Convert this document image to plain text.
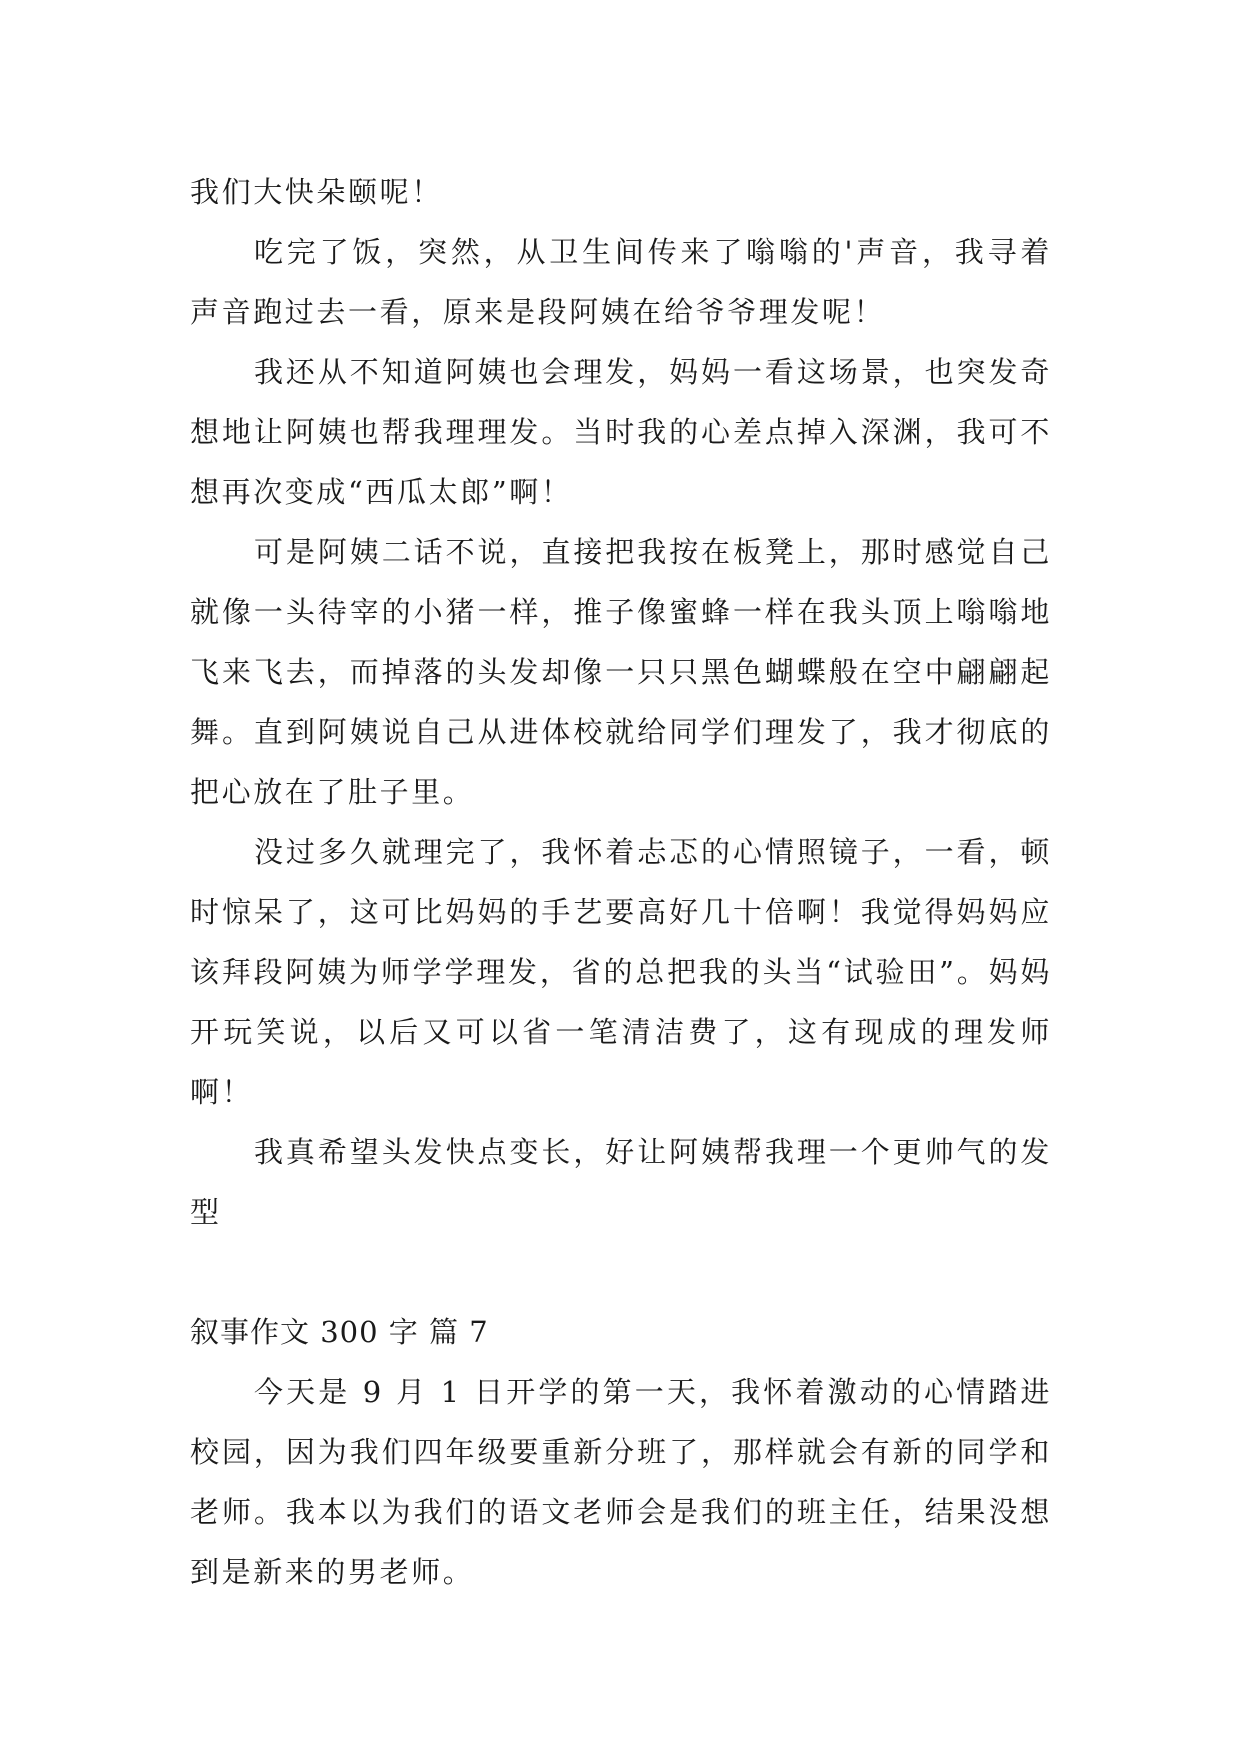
我们大快朵颐呢！

吃完了饭，突然，从卫生间传来了嗡嗡的'声音，我寻着声音跑过去一看，原来是段阿姨在给爷爷理发呢！

我还从不知道阿姨也会理发，妈妈一看这场景，也突发奇想地让阿姨也帮我理理发。当时我的心差点掉入深渊，我可不想再次变成“西瓜太郎”啊！

可是阿姨二话不说，直接把我按在板凳上，那时感觉自己就像一头待宰的小猪一样，推子像蜜蜂一样在我头顶上嗡嗡地飞来飞去，而掉落的头发却像一只只黑色蝴蝶般在空中翩翩起舞。直到阿姨说自己从进体校就给同学们理发了，我才彻底的把心放在了肚子里。

没过多久就理完了，我怀着忐忑的心情照镜子，一看，顿时惊呆了，这可比妈妈的手艺要高好几十倍啊！我觉得妈妈应该拜段阿姨为师学学理发，省的总把我的头当“试验田”。妈妈开玩笑说，以后又可以省一笔清洁费了，这有现成的理发师啊！

我真希望头发快点变长，好让阿姨帮我理一个更帅气的发型

叙事作文 300 字 篇 7

今天是 9 月 1 日开学的第一天，我怀着激动的心情踏进校园，因为我们四年级要重新分班了，那样就会有新的同学和老师。我本以为我们的语文老师会是我们的班主任，结果没想到是新来的男老师。
